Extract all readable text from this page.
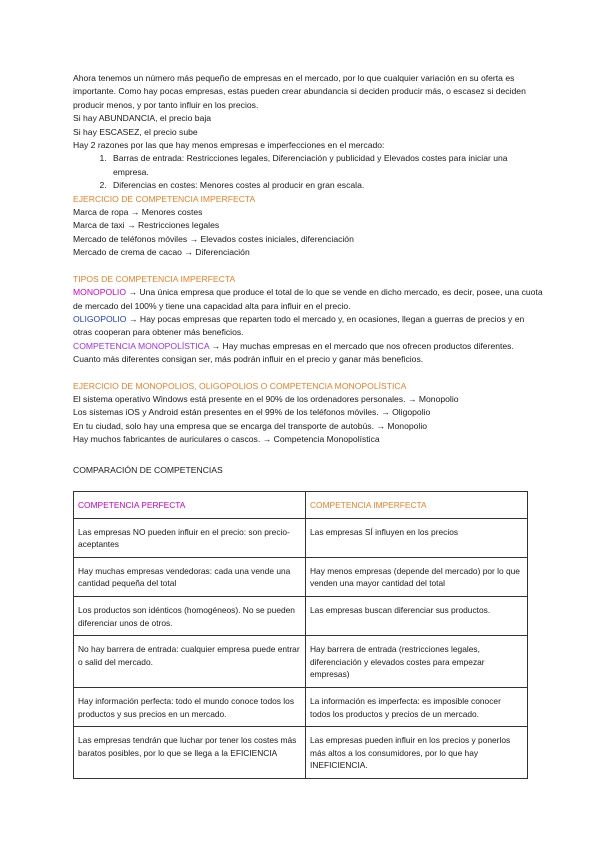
Ahora tenemos un número más pequeño de empresas en el mercado, por lo que cualquier variación en su oferta es importante. Como hay pocas empresas, estas pueden crear abundancia si deciden producir más, o escasez si deciden producir menos, y por tanto influir en los precios.

Si hay ABUNDANCIA, el precio baja

Si hay ESCASEZ, el precio sube

Hay 2 razones por las que hay menos empresas e imperfecciones en el mercado:

1. Barras de entrada: Restricciones legales, Diferenciación y publicidad y Elevados costes para iniciar una empresa.
2. Diferencias en costes: Menores costes al producir en gran escala.

EJERCICIO DE COMPETENCIA IMPERFECTA

Marca de ropa → Menores costes

Marca de taxi → Restricciones legales

Mercado de teléfonos móviles → Elevados costes iniciales, diferenciación

Mercado de crema de cacao → Diferenciación

TIPOS DE COMPETENCIA IMPERFECTA

MONOPOLIO → Una única empresa que produce el total de lo que se vende en dicho mercado, es decir, posee, una cuota de mercado del 100% y tiene una capacidad alta para influir en el precio.

OLIGOPOLIO → Hay pocas empresas que reparten todo el mercado y, en ocasiones, llegan a guerras de precios y en otras cooperan para obtener más beneficios.

COMPETENCIA MONOPOLÍSTICA → Hay muchas empresas en el mercado que nos ofrecen productos diferentes.

Cuanto más diferentes consigan ser, más podrán influir en el precio y ganar más beneficios.

EJERCICIO DE MONOPOLIOS, OLIGOPOLIOS O COMPETENCIA MONOPOLÍSTICA

El sistema operativo Windows está presente en el 90% de los ordenadores personales. → Monopolio

Los sistemas iOS y Android están presentes en el 99% de los teléfonos móviles. → Oligopolio

En tu ciudad, solo hay una empresa que se encarga del transporte de autobús. → Monopolio

Hay muchos fabricantes de auriculares o cascos. → Competencia Monopolística

COMPARACIÓN DE COMPETENCIAS

COMPETENCIA PERFECTA	COMPETENCIA IMPERFECTA
Las empresas NO pueden influir en el precio: son precio-aceptantes	Las empresas SÍ influyen en los precios
Hay muchas empresas vendedoras: cada una vende una cantidad pequeña del total	Hay menos empresas (depende del mercado) por lo que venden una mayor cantidad del total
Los productos son idénticos (homogéneos). No se pueden diferenciar unos de otros.	Las empresas buscan diferenciar sus productos.
No hay barrera de entrada: cualquier empresa puede entrar o salid del mercado.	Hay barrera de entrada (restricciones legales, diferenciación y elevados costes para empezar empresas)
Hay información perfecta: todo el mundo conoce todos los productos y sus precios en un mercado.	La información es imperfecta: es imposible conocer todos los productos y precios de un mercado.
Las empresas tendrán que luchar por tener los costes más baratos posibles, por lo que se llega a la EFICIENCIA	Las empresas pueden influir en los precios y ponerlos más altos a los consumidores, por lo que hay INEFICIENCIA.
